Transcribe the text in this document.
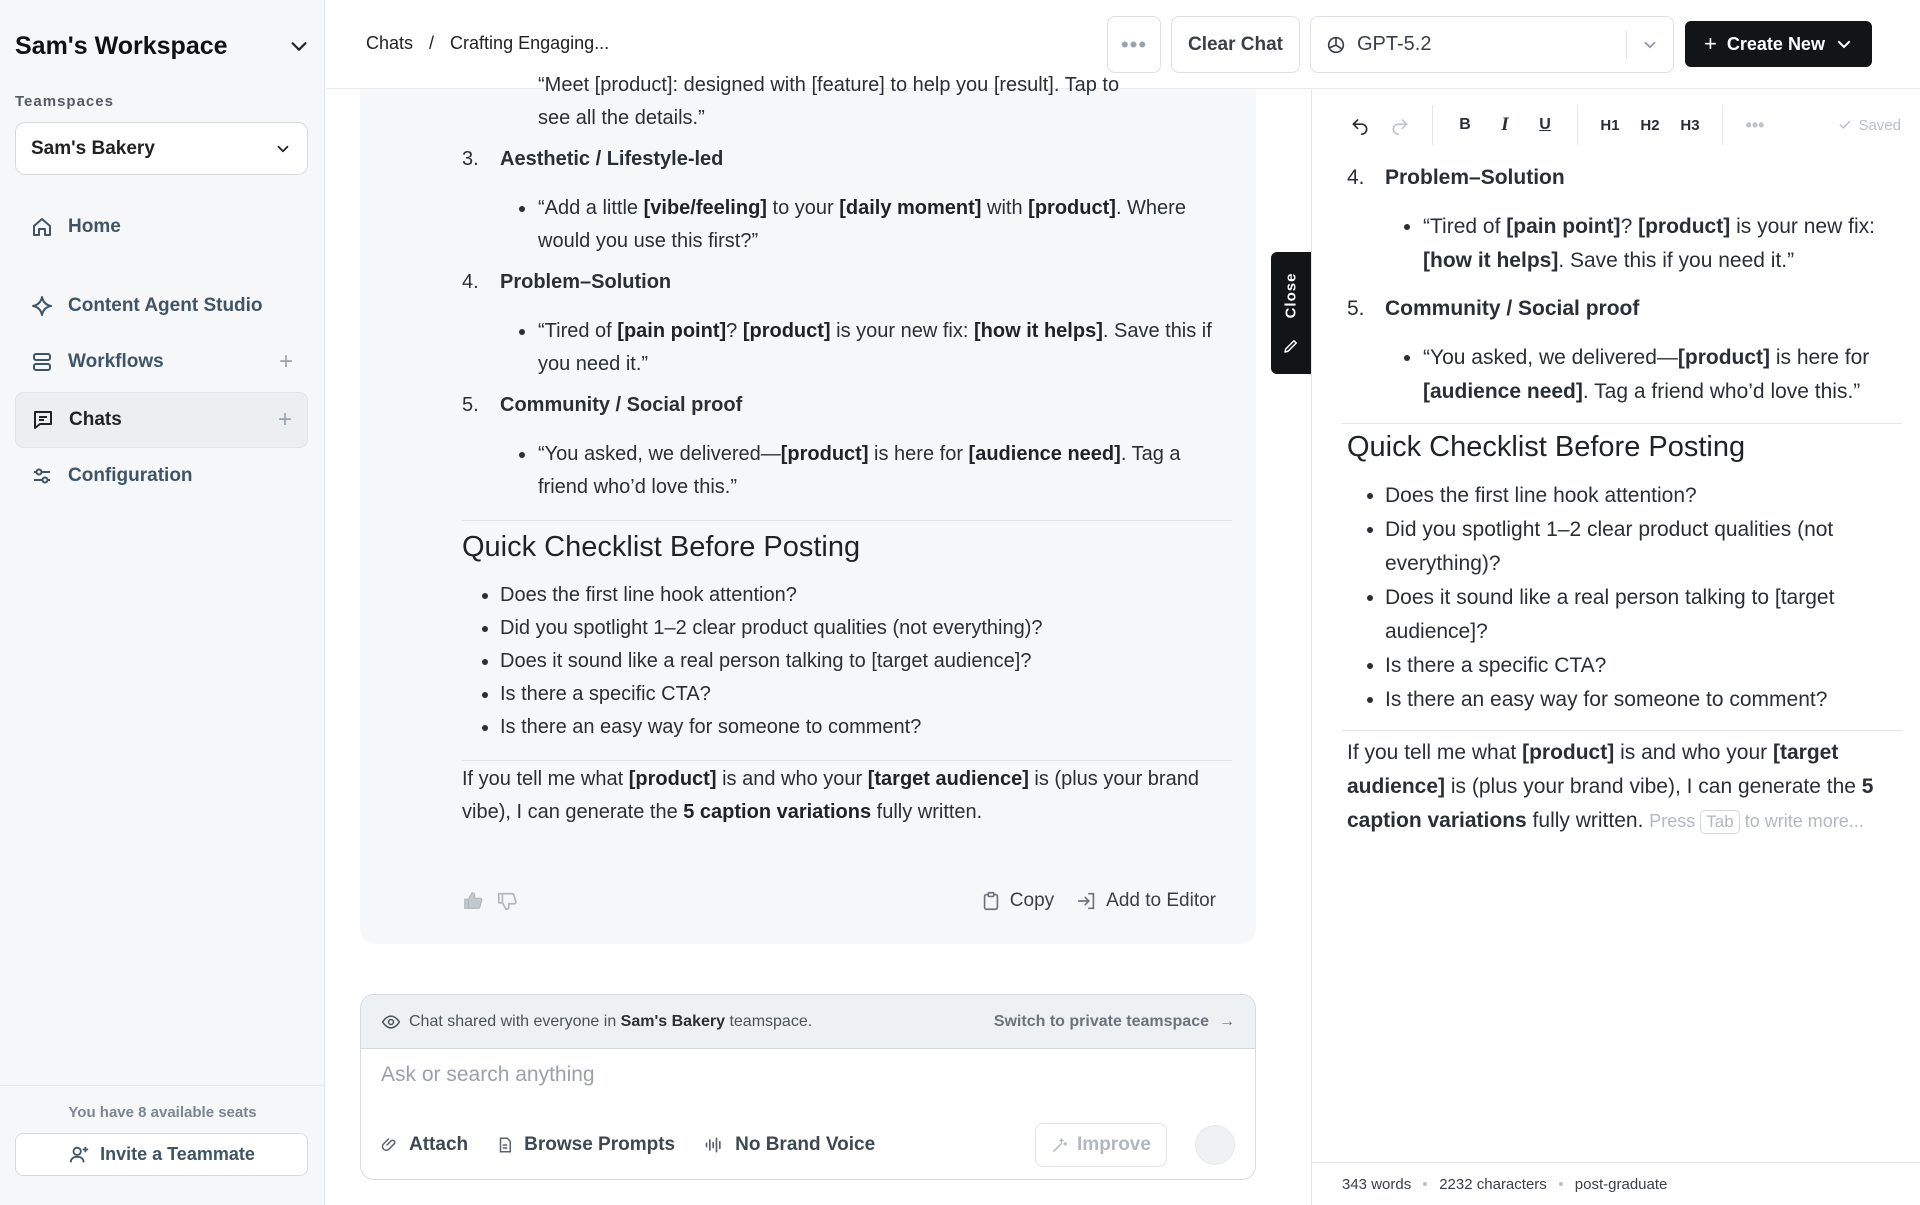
Sam's Workspace
Teamspaces
Sam's Bakery
Home
Content Agent Studio
Workflows	+
Chats	+
Configuration
You have 8 available seats
Invite a Teammate
Chats / Crafting Engaging...	•••	Clear Chat	GPT-5.2	+ Create New
“Meet [product]: designed with [feature] to help you [result]. Tap to
see all the details.”
3. Aesthetic / Lifestyle-led
“Add a little [vibe/feeling] to your [daily moment] with [product]. Where would you use this first?”
4. Problem–Solution
“Tired of [pain point]? [product] is your new fix: [how it helps]. Save this if you need it.”
5. Community / Social proof
“You asked, we delivered—[product] is here for [audience need]. Tag a friend who’d love this.”
Quick Checklist Before Posting
Does the first line hook attention?
Did you spotlight 1–2 clear product qualities (not everything)?
Does it sound like a real person talking to [target audience]?
Is there a specific CTA?
Is there an easy way for someone to comment?
If you tell me what [product] is and who your [target audience] is (plus your brand vibe), I can generate the 5 caption variations fully written.
Copy	Add to Editor
Chat shared with everyone in Sam's Bakery teamspace.	Switch to private teamspace →
Ask or search anything
Attach	Browse Prompts	No Brand Voice	Improve
Close
B	I	U	H1	H2	H3	•••	Saved
4. Problem–Solution
“Tired of [pain point]? [product] is your new fix: [how it helps]. Save this if you need it.”
5. Community / Social proof
“You asked, we delivered—[product] is here for [audience need]. Tag a friend who’d love this.”
Quick Checklist Before Posting
Does the first line hook attention?
Did you spotlight 1–2 clear product qualities (not everything)?
Does it sound like a real person talking to [target audience]?
Is there a specific CTA?
Is there an easy way for someone to comment?
If you tell me what [product] is and who your [target audience] is (plus your brand vibe), I can generate the 5 caption variations fully written. Press Tab to write more...
343 words 2232 characters post-graduate
